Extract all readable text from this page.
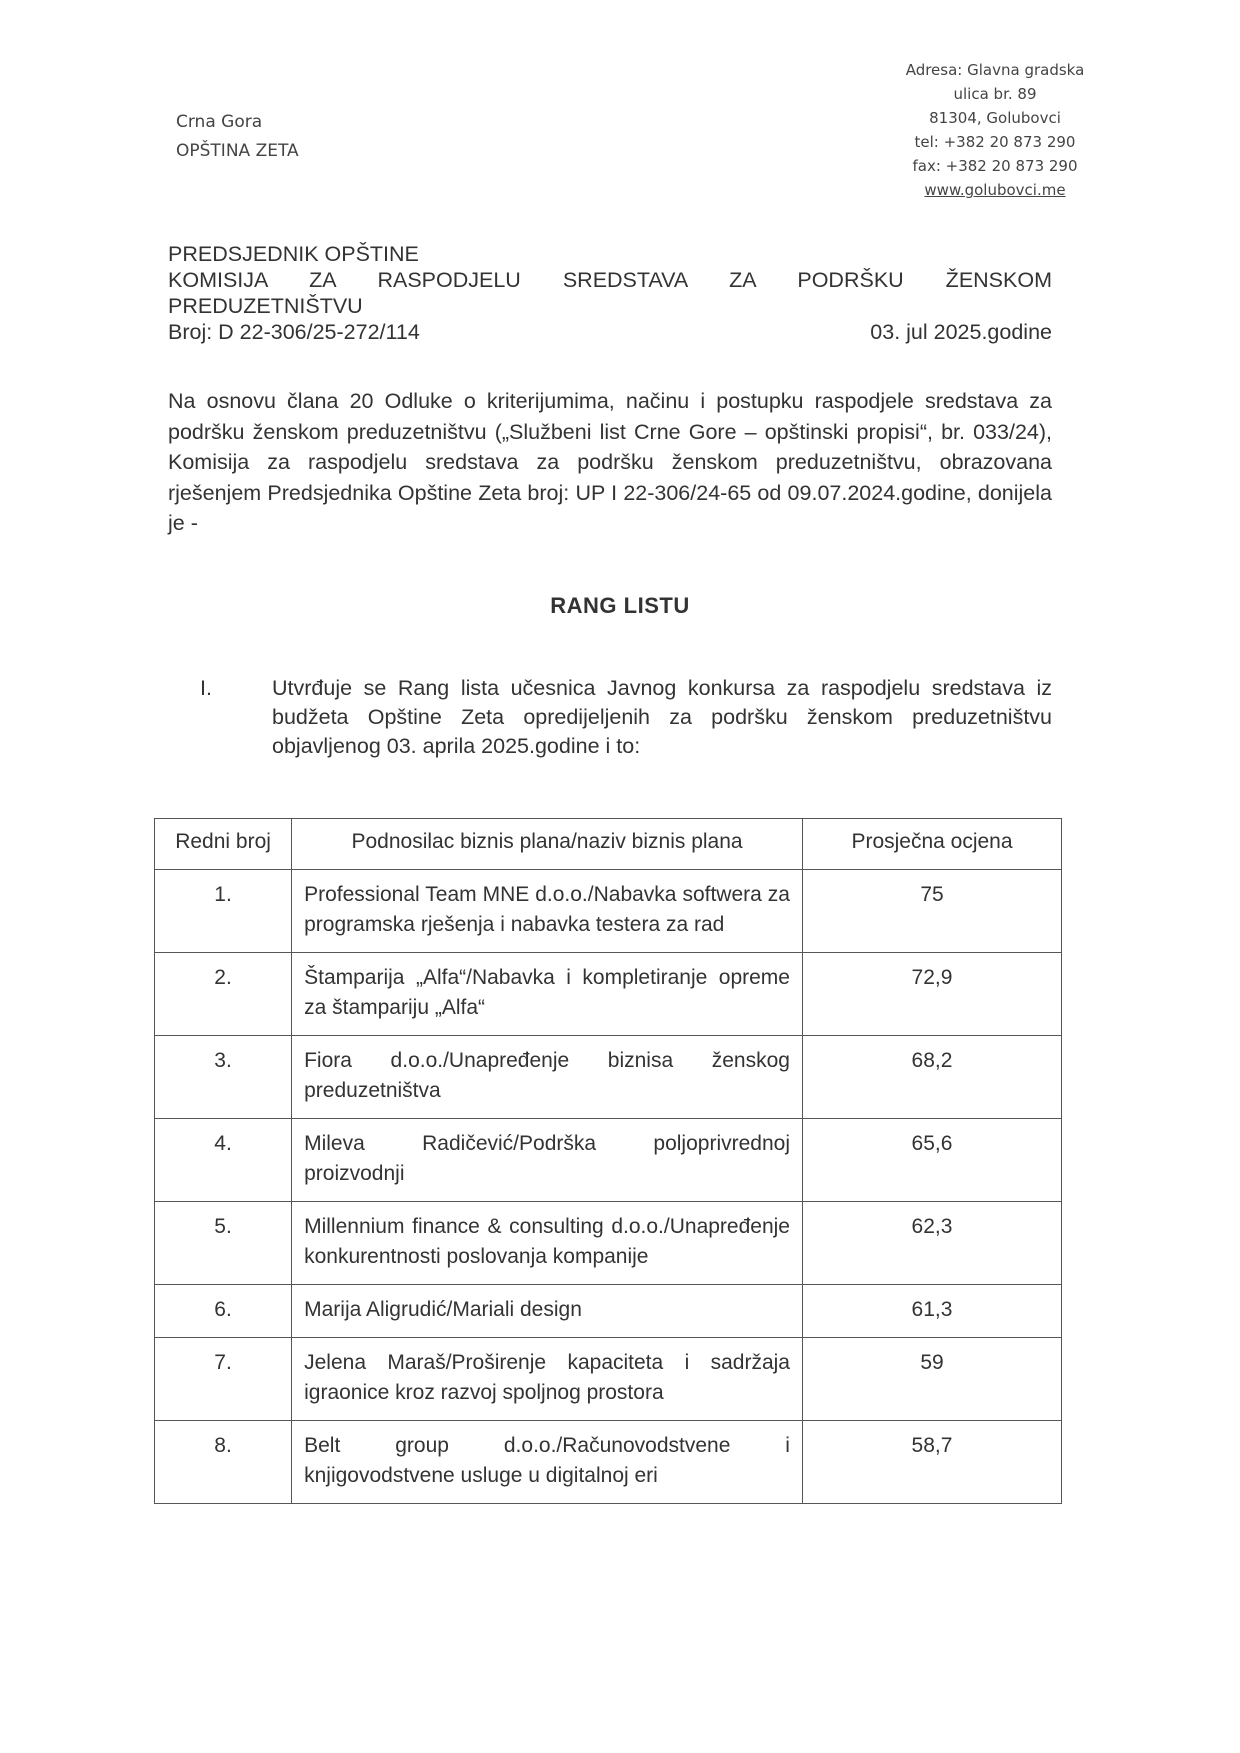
Crna Gora
OPŠTINA ZETA
Adresa: Glavna gradska
ulica br. 89
81304, Golubovci
tel: +382 20 873 290
fax: +382 20 873 290
www.golubovci.me
PREDSJEDNIK OPŠTINE
KOMISIJA ZA RASPODJELU SREDSTAVA ZA PODRŠKU ŽENSKOM
PREDUZETNIŠTVU
Broj: D 22-306/25-272/114	03. jul 2025.godine
Na osnovu člana 20 Odluke o kriterijumima, načinu i postupku raspodjele sredstava za podršku ženskom preduzetništvu („Službeni list Crne Gore – opštinski propisi“, br. 033/24), Komisija za raspodjelu sredstava za podršku ženskom preduzetništvu, obrazovana rješenjem Predsjednika Opštine Zeta broj: UP I 22-306/24-65 od 09.07.2024.godine, donijela je -
RANG LISTU
I.	Utvrđuje se Rang lista učesnica Javnog konkursa za raspodjelu sredstava iz budžeta Opštine Zeta opredijeljenih za podršku ženskom preduzetništvu objavljenog 03. aprila 2025.godine i to:
Redni broj	Podnosilac biznis plana/naziv biznis plana	Prosječna ocjena
1.	Professional Team MNE d.o.o./Nabavka softwera za programska rješenja i nabavka testera za rad	75
2.	Štamparija „Alfa“/Nabavka i kompletiranje opreme za štampariju „Alfa“	72,9
3.	Fiora d.o.o./Unapređenje biznisa ženskog preduzetništva	68,2
4.	Mileva Radičević/Podrška poljoprivrednoj proizvodnji	65,6
5.	Millennium finance & consulting d.o.o./Unapređenje konkurentnosti poslovanja kompanije	62,3
6.	Marija Aligrudić/Mariali design	61,3
7.	Jelena Maraš/Proširenje kapaciteta i sadržaja igraonice kroz razvoj spoljnog prostora	59
8.	Belt group d.o.o./Računovodstvene i knjigovodstvene usluge u digitalnoj eri	58,7
